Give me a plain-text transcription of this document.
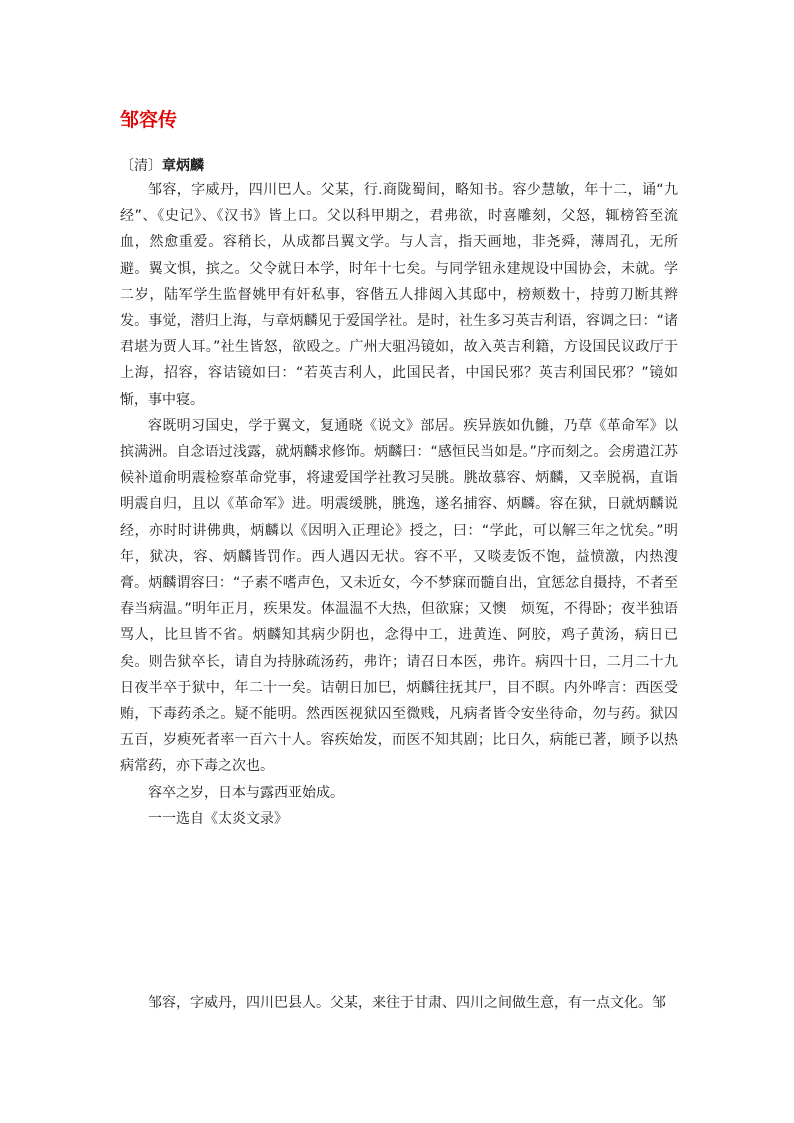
邹容传
〔清〕章炳麟

邹容，字威丹，四川巴人。父某，行.商陇蜀间，略知书。容少慧敏，年十二，诵“九经”、《史记》、《汉书》皆上口。父以科甲期之，君弗欲，时喜雕刻，父怒，辄榜笞至流血，然愈重爱。容稍长，从成都吕翼文学。与人言，指天画地，非尧舜，薄周孔，无所避。翼文惧，摈之。父令就日本学，时年十七矣。与同学钮永建规设中国协会，未就。学二岁，陆军学生监督姚甲有奸私事，容偕五人排闼入其邸中，榜颊数十，持剪刀断其辫发。事觉，潜归上海，与章炳麟见于爱国学社。是时，社生多习英吉利语，容调之曰：“诸君堪为贾人耳。”社生皆怒，欲殴之。广州大驵冯镜如，故入英吉利籍，方设国民议政厅于上海，招容，容诘镜如曰：“若英吉利人，此国民者，中国民邪？英吉利国民邪？”镜如惭，事中寝。

容既明习国史，学于翼文，复通晓《说文》部居。疾异族如仇雠，乃草《革命军》以摈满洲。自念语过浅露，就炳麟求修饰。炳麟曰：“感恒民当如是。”序而刻之。会虏遣江苏候补道俞明震检察革命党事，将逮爱国学社教习吴朓。朓故慕容、炳麟，又幸脱祸，直诣明震自归，且以《革命军》进。明震缓朓，朓逸，遂名捕容、炳麟。容在狱，日就炳麟说经，亦时时讲佛典，炳麟以《因明入正理论》授之，曰：“学此，可以解三年之忧矣。”明年，狱决，容、炳麟皆罚作。西人遇囚无状。容不平，又啖麦饭不饱，益愤激，内热溲膏。炳麟谓容曰：“子素不嗜声色，又未近女，今不梦寐而髓自出，宜惩忿自摄持，不者至春当病温。”明年正月，疾果发。体温温不大热，但欲寐；又懊　烦冤，不得卧；夜半独语骂人，比旦皆不省。炳麟知其病少阴也，念得中工，进黄连、阿胶，鸡子黄汤，病日已矣。则告狱卒长，请自为持脉疏汤药，弗许；请召日本医，弗许。病四十日，二月二十九日夜半卒于狱中，年二十一矣。诘朝日加巳，炳麟往抚其尸，目不瞑。内外哗言：西医受贿，下毒药杀之。疑不能明。然西医视狱囚至微贱，凡病者皆令安坐待命，勿与药。狱囚五百，岁瘐死者率一百六十人。容疾始发，而医不知其剧；比日久，病能已著，顾予以热病常药，亦下毒之次也。

容卒之岁，日本与露西亚始成。

一一选自《太炎文录》

邹容，字威丹，四川巴县人。父某，来往于甘肃、四川之间做生意，有一点文化。邹
